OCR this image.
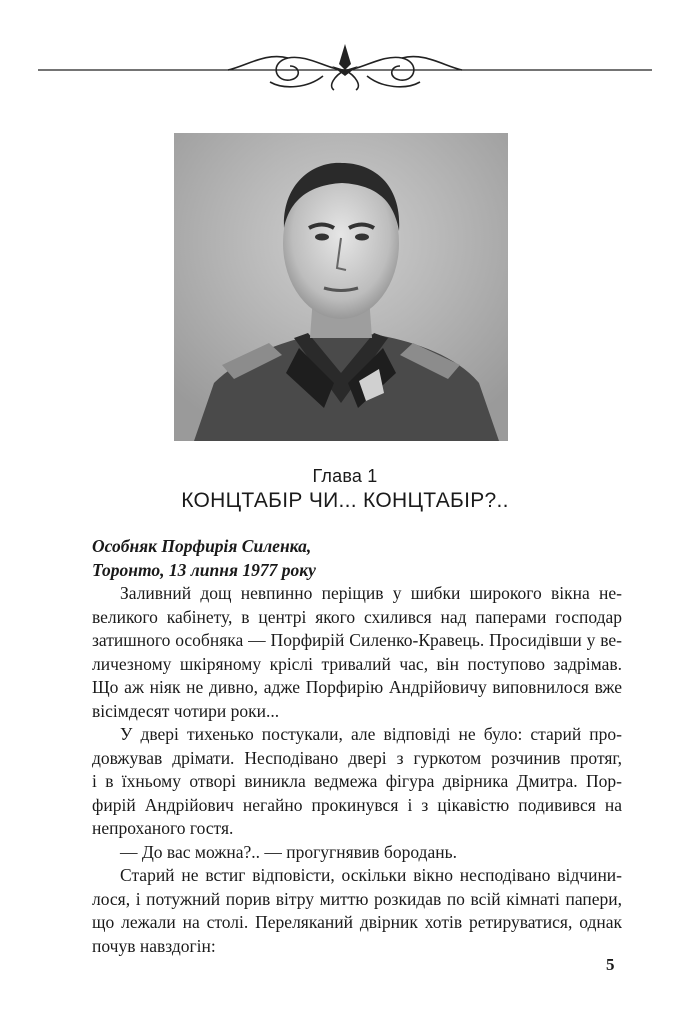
Глава 1
КОНЦТАБІР ЧИ... КОНЦТАБІР?..
Особняк Порфирія Силенка,
Торонто, 13 липня 1977 року
Заливний дощ невпинно періщив у шибки широкого вікна не-
великого кабінету, в центрі якого схилився над паперами господар
затишного особняка — Порфирій Силенко-Кравець. Просидівши у ве-
личезному шкіряному кріслі тривалий час, він поступово задрімав.
Що аж ніяк не дивно, адже Порфирію Андрійовичу виповнилося вже
вісімдесят чотири роки...
У двері тихенько постукали, але відповіді не було: старий про-
довжував дрімати. Несподівано двері з гуркотом розчинив протяг,
і в їхньому отворі виникла ведмежа фігура двірника Дмитра. Пор-
фирій Андрійович негайно прокинувся і з цікавістю подивився на
непроханого гостя.
— До вас можна?.. — прогугнявив бородань.
Старий не встиг відповісти, оскільки вікно несподівано відчини-
лося, і потужний порив вітру миттю розкидав по всій кімнаті папери,
що лежали на столі. Переляканий двірник хотів ретируватися, однак
почув навздогін:
5
